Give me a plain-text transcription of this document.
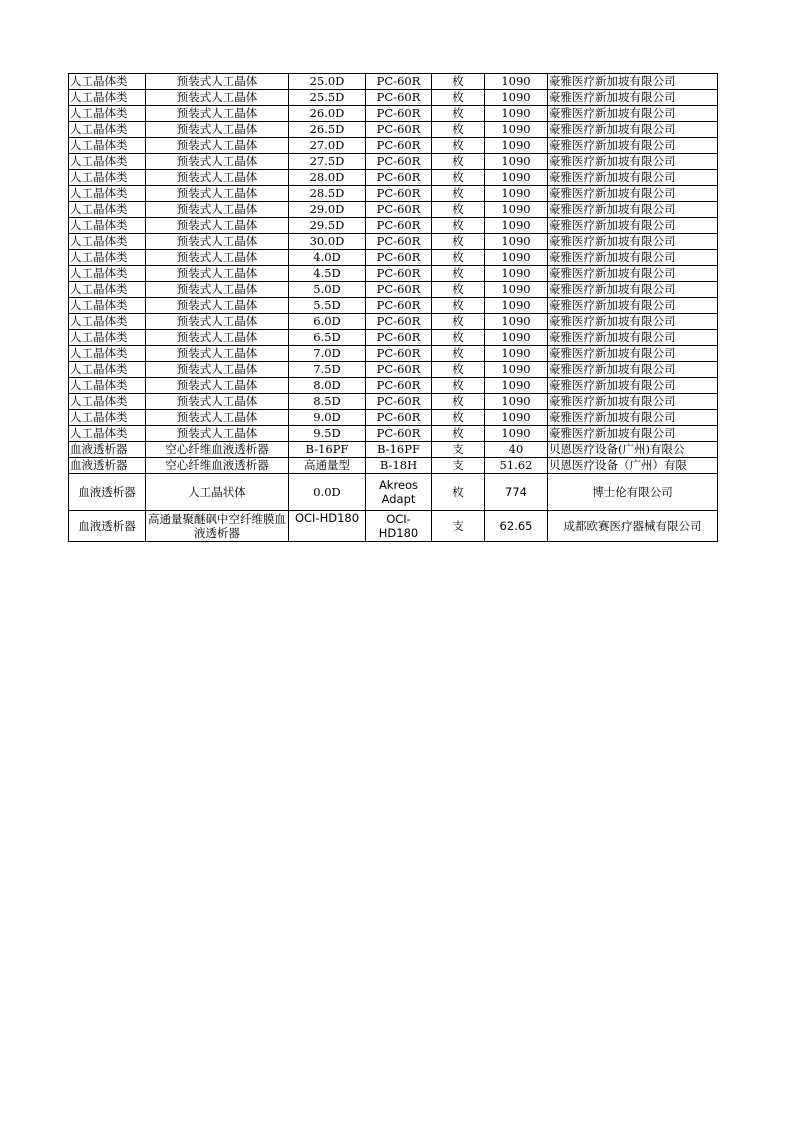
人工晶体类	预装式人工晶体	25.0D	PC-60R	枚	1090	豪雅医疗新加坡有限公司
人工晶体类	预装式人工晶体	25.5D	PC-60R	枚	1090	豪雅医疗新加坡有限公司
人工晶体类	预装式人工晶体	26.0D	PC-60R	枚	1090	豪雅医疗新加坡有限公司
人工晶体类	预装式人工晶体	26.5D	PC-60R	枚	1090	豪雅医疗新加坡有限公司
人工晶体类	预装式人工晶体	27.0D	PC-60R	枚	1090	豪雅医疗新加坡有限公司
人工晶体类	预装式人工晶体	27.5D	PC-60R	枚	1090	豪雅医疗新加坡有限公司
人工晶体类	预装式人工晶体	28.0D	PC-60R	枚	1090	豪雅医疗新加坡有限公司
人工晶体类	预装式人工晶体	28.5D	PC-60R	枚	1090	豪雅医疗新加坡有限公司
人工晶体类	预装式人工晶体	29.0D	PC-60R	枚	1090	豪雅医疗新加坡有限公司
人工晶体类	预装式人工晶体	29.5D	PC-60R	枚	1090	豪雅医疗新加坡有限公司
人工晶体类	预装式人工晶体	30.0D	PC-60R	枚	1090	豪雅医疗新加坡有限公司
人工晶体类	预装式人工晶体	4.0D	PC-60R	枚	1090	豪雅医疗新加坡有限公司
人工晶体类	预装式人工晶体	4.5D	PC-60R	枚	1090	豪雅医疗新加坡有限公司
人工晶体类	预装式人工晶体	5.0D	PC-60R	枚	1090	豪雅医疗新加坡有限公司
人工晶体类	预装式人工晶体	5.5D	PC-60R	枚	1090	豪雅医疗新加坡有限公司
人工晶体类	预装式人工晶体	6.0D	PC-60R	枚	1090	豪雅医疗新加坡有限公司
人工晶体类	预装式人工晶体	6.5D	PC-60R	枚	1090	豪雅医疗新加坡有限公司
人工晶体类	预装式人工晶体	7.0D	PC-60R	枚	1090	豪雅医疗新加坡有限公司
人工晶体类	预装式人工晶体	7.5D	PC-60R	枚	1090	豪雅医疗新加坡有限公司
人工晶体类	预装式人工晶体	8.0D	PC-60R	枚	1090	豪雅医疗新加坡有限公司
人工晶体类	预装式人工晶体	8.5D	PC-60R	枚	1090	豪雅医疗新加坡有限公司
人工晶体类	预装式人工晶体	9.0D	PC-60R	枚	1090	豪雅医疗新加坡有限公司
人工晶体类	预装式人工晶体	9.5D	PC-60R	枚	1090	豪雅医疗新加坡有限公司
血液透析器	空心纤维血液透析器	B-16PF	B-16PF	支	40	贝恩医疗设备(广州)有限公
血液透析器	空心纤维血液透析器	高通量型	B-18H	支	51.62	贝恩医疗设备（广州）有限
血液透析器	人工晶状体	0.0D	Akreos Adapt	枚	774	博士伦有限公司
血液透析器	高通量聚醚砜中空纤维膜血液透析器	OCI-HD180	OCI-HD180	支	62.65	成都欧赛医疗器械有限公司
